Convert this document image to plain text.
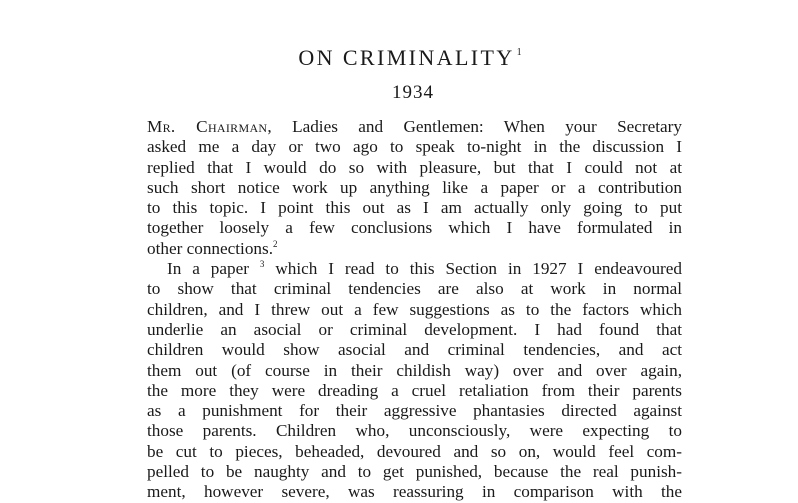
ON CRIMINALITY $^1$
1934
Mr. Chairman, Ladies and Gentlemen: When your Secretary
asked me a day or two ago to speak to-night in the discussion I
replied that I would do so with pleasure, but that I could not at
such short notice work up anything like a paper or a contribution
to this topic. I point this out as I am actually only going to put
together loosely a few conclusions which I have formulated in
other connections.$^2$
In a paper $^3$ which I read to this Section in 1927 I endeavoured
to show that criminal tendencies are also at work in normal
children, and I threw out a few suggestions as to the factors which
underlie an asocial or criminal development. I had found that
children would show asocial and criminal tendencies, and act
them out (of course in their childish way) over and over again,
the more they were dreading a cruel retaliation from their parents
as a punishment for their aggressive phantasies directed against
those parents. Children who, unconsciously, were expecting to
be cut to pieces, beheaded, devoured and so on, would feel com-
pelled to be naughty and to get punished, because the real punish-
ment, however severe, was reassuring in comparison with the
